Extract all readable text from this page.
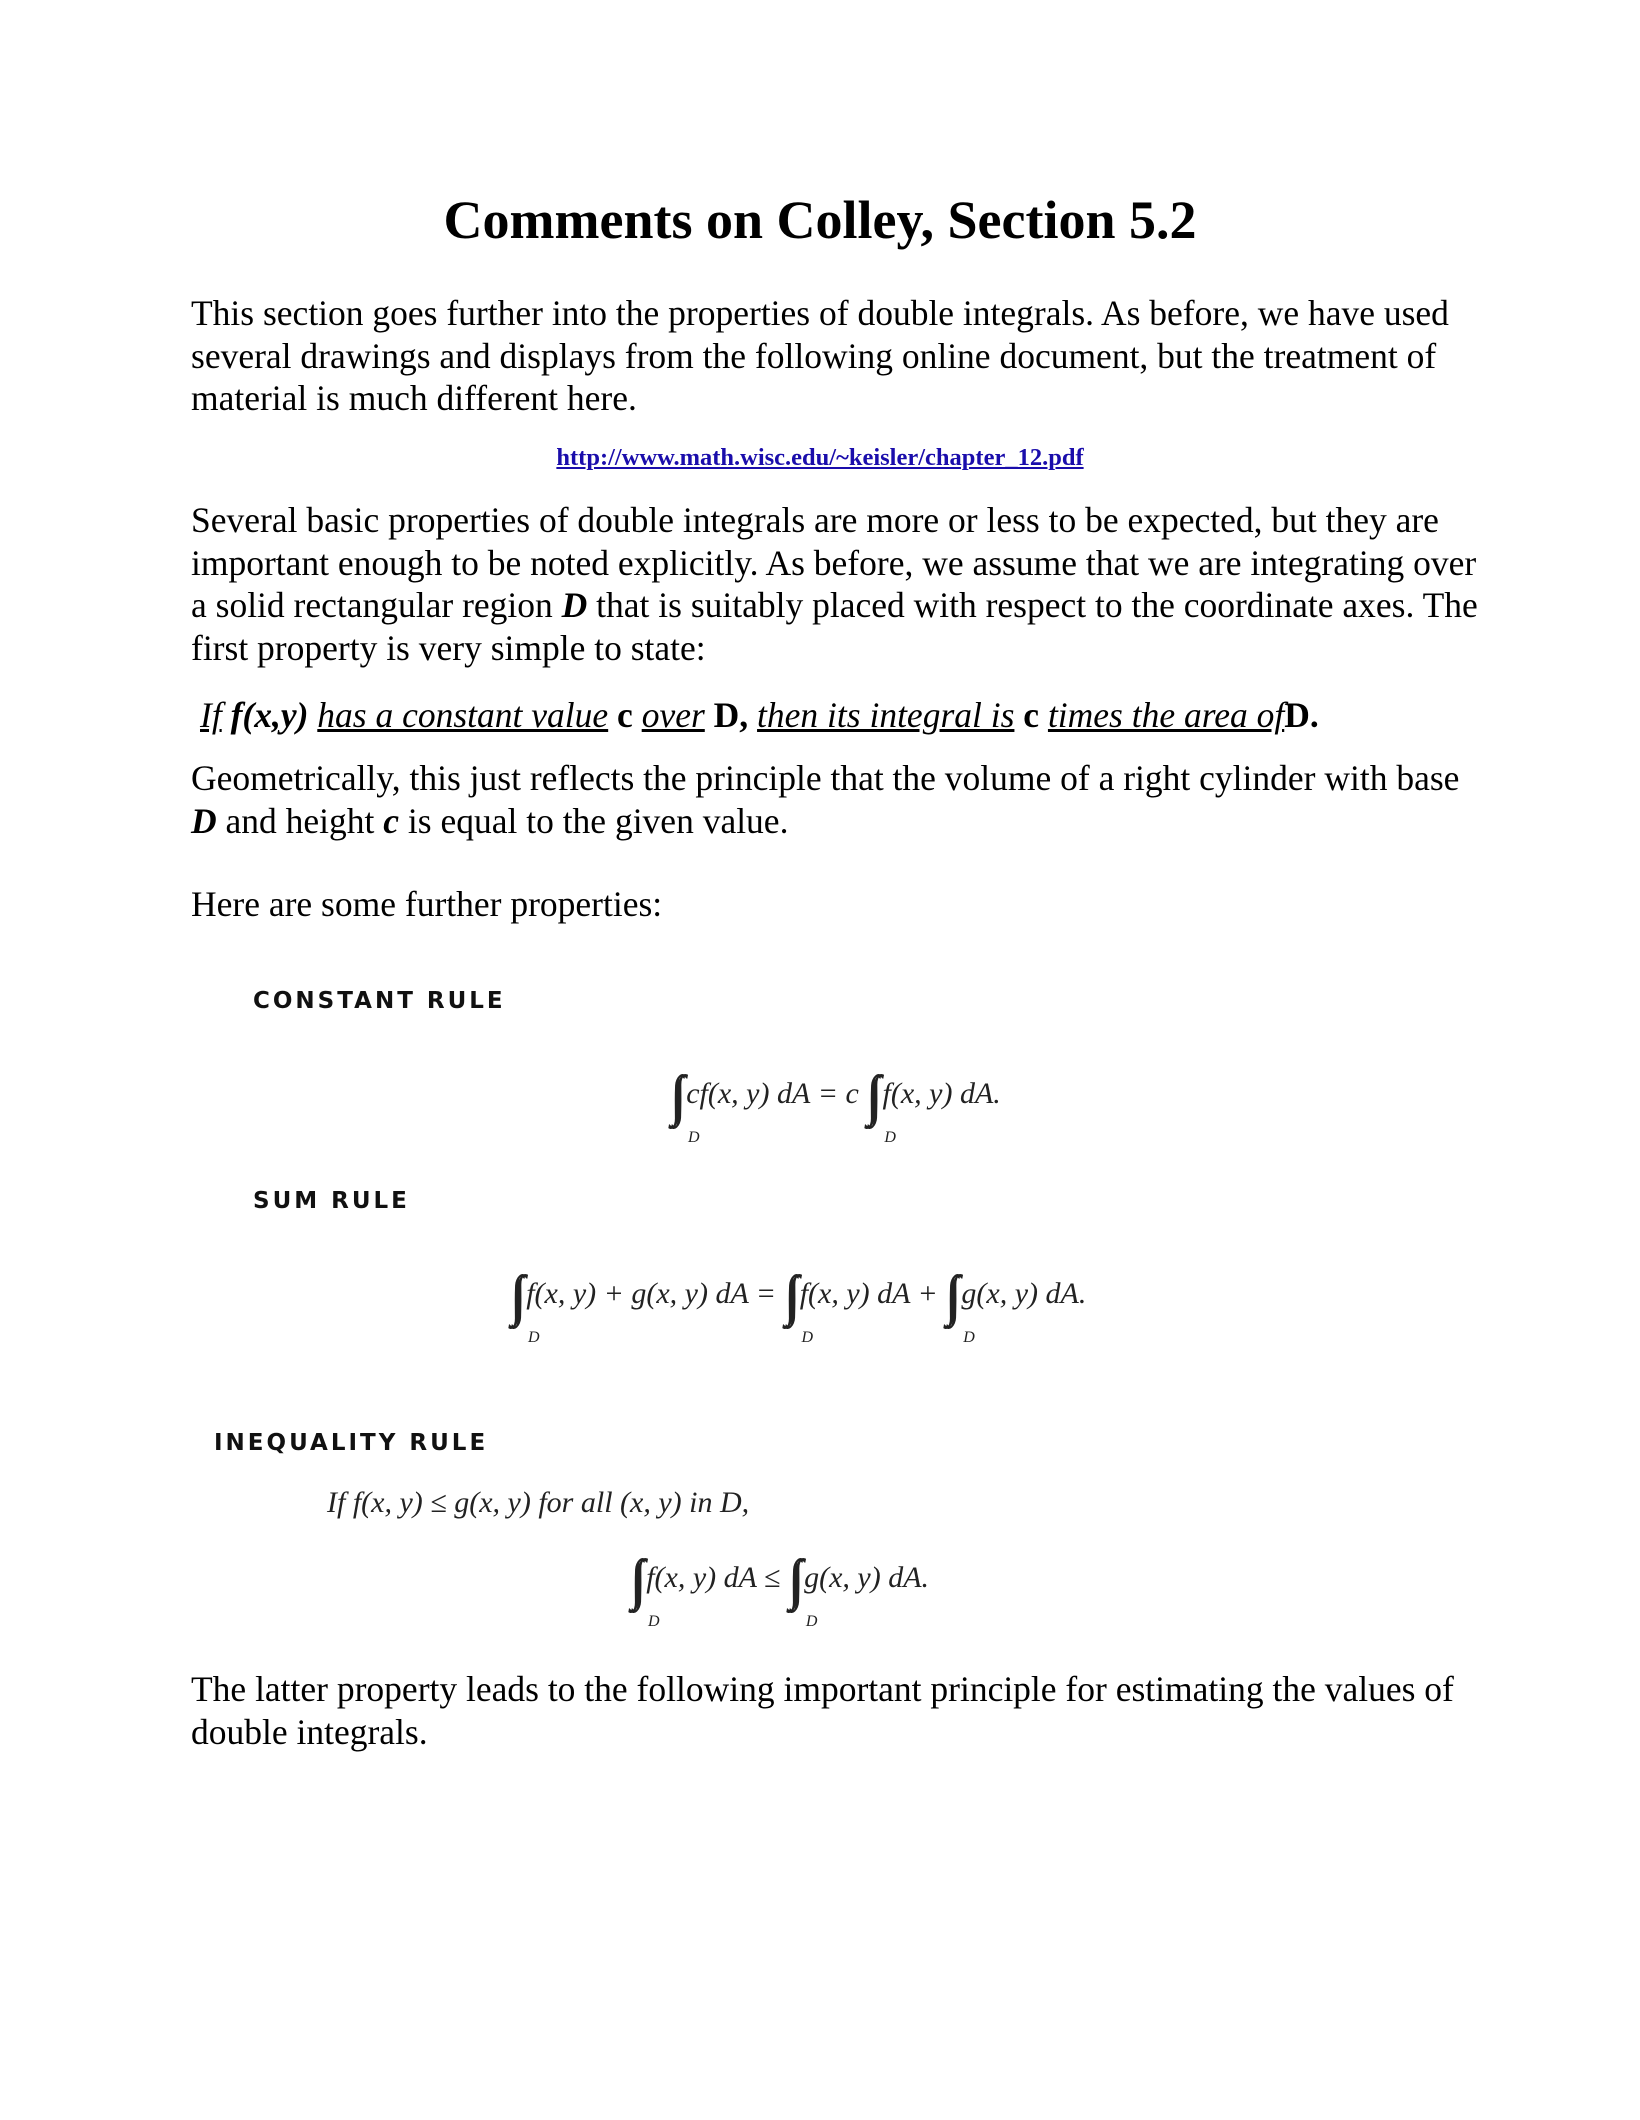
Comments on Colley, Section 5.2
This section goes further into the properties of double integrals. As before, we have used several drawings and displays from the following online document, but the treatment of material is much different here.
http://www.math.wisc.edu/~keisler/chapter_12.pdf
Several basic properties of double integrals are more or less to be expected, but they are important enough to be noted explicitly. As before, we assume that we are integrating over a solid rectangular region D that is suitably placed with respect to the coordinate axes. The first property is very simple to state:
If f(x,y) has a constant value c over D, then its integral is c times the area ofD.
Geometrically, this just reflects the principle that the volume of a right cylinder with base D and height c is equal to the given value.
Here are some further properties:
CONSTANT RULE
∫∫
D
cf(x, y) dA = c ∫∫
D
f(x, y) dA.
SUM RULE
∫∫
D
f(x, y) + g(x, y) dA = ∫∫
D
f(x, y) dA + ∫∫
D
g(x, y) dA.
INEQUALITY RULE
If f(x, y) ≤ g(x, y) for all (x, y) in D,
∫∫
D
f(x, y) dA ≤ ∫∫
D
g(x, y) dA.
The latter property leads to the following important principle for estimating the values of double integrals.
